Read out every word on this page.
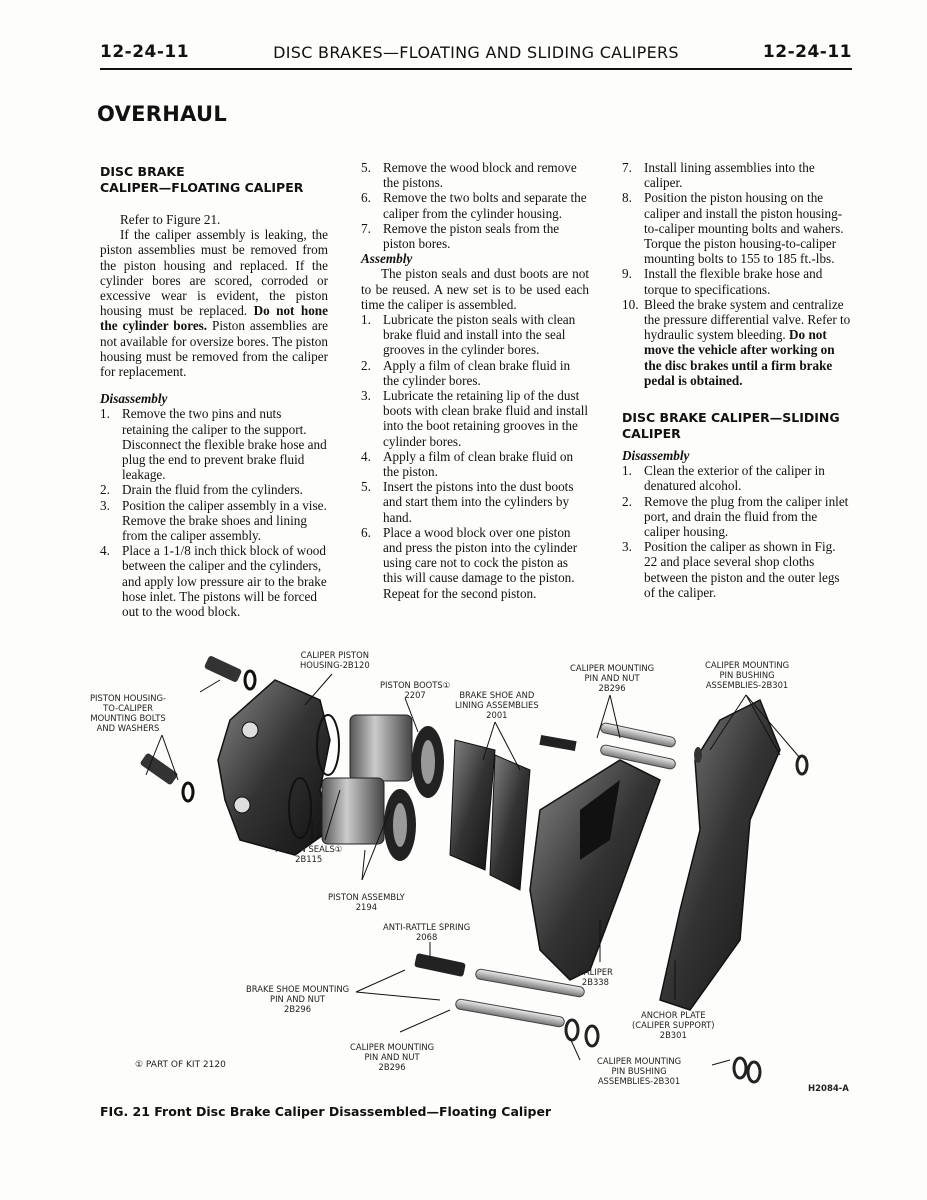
12-24-11	DISC BRAKES—FLOATING AND SLIDING CALIPERS	12-24-11
OVERHAUL
DISC BRAKE
CALIPER—FLOATING CALIPER

Refer to Figure 21.

If the caliper assembly is leaking, the piston assemblies must be removed from the piston housing and replaced. If the cylinder bores are scored, corroded or excessive wear is evident, the piston housing must be replaced. Do not hone the cylinder bores. Piston assemblies are not available for oversize bores. The piston housing must be removed from the caliper for replacement.

Disassembly
1. Remove the two pins and nuts retaining the caliper to the support. Disconnect the flexible brake hose and plug the end to prevent brake fluid leakage.
2. Drain the fluid from the cylinders.
3. Position the caliper assembly in a vise. Remove the brake shoes and lining from the caliper assembly.
4. Place a 1-1/8 inch thick block of wood between the caliper and the cylinders, and apply low pressure air to the brake hose inlet. The pistons will be forced out to the wood block.
5. Remove the wood block and remove the pistons.
6. Remove the two bolts and separate the caliper from the cylinder housing.
7. Remove the piston seals from the piston bores.
Assembly

The piston seals and dust boots are not to be reused. A new set is to be used each time the caliper is assembled.

1. Lubricate the piston seals with clean brake fluid and install into the seal grooves in the cylinder bores.
2. Apply a film of clean brake fluid in the cylinder bores.
3. Lubricate the retaining lip of the dust boots with clean brake fluid and install into the boot retaining grooves in the cylinder bores.
4. Apply a film of clean brake fluid on the piston.
5. Insert the pistons into the dust boots and start them into the cylinders by hand.
6. Place a wood block over one piston and press the piston into the cylinder using care not to cock the piston as this will cause damage to the piston. Repeat for the second piston.
7. Install lining assemblies into the caliper.
8. Position the piston housing on the caliper and install the piston housing-to-caliper mounting bolts and wahers. Torque the piston housing-to-caliper mounting bolts to 155 to 185 ft.-lbs.
9. Install the flexible brake hose and torque to specifications.
10. Bleed the brake system and centralize the pressure differential valve. Refer to hydraulic system bleeding. Do not move the vehicle after working on the disc brakes until a firm brake pedal is obtained.
DISC BRAKE CALIPER—SLIDING
CALIPER
Disassembly
1. Clean the exterior of the caliper in denatured alcohol.
2. Remove the plug from the caliper inlet port, and drain the fluid from the caliper housing.
3. Position the caliper as shown in Fig. 22 and place several shop cloths between the piston and the outer legs of the caliper.
CALIPER PISTON
HOUSING-2B120
PISTON HOUSING-
TO-CALIPER
MOUNTING BOLTS
AND WASHERS
PISTON BOOTS①
2207	BRAKE SHOE AND
LINING ASSEMBLIES
2001
CALIPER MOUNTING
PIN AND NUT
2B296
CALIPER MOUNTING
PIN BUSHING
ASSEMBLIES-2B301
PISTON SEALS①
2B115
PISTON ASSEMBLY
2194
ANTI-RATTLE SPRING
2068
BRAKE SHOE MOUNTING
PIN AND NUT
2B296
CALIPER
2B338
ANCHOR PLATE
(CALIPER SUPPORT)
2B301
CALIPER MOUNTING
PIN AND NUT
2B296
CALIPER MOUNTING
PIN BUSHING
ASSEMBLIES-2B301
① PART OF KIT 2120
H2084-A
FIG. 21 Front Disc Brake Caliper Disassembled—Floating Caliper
